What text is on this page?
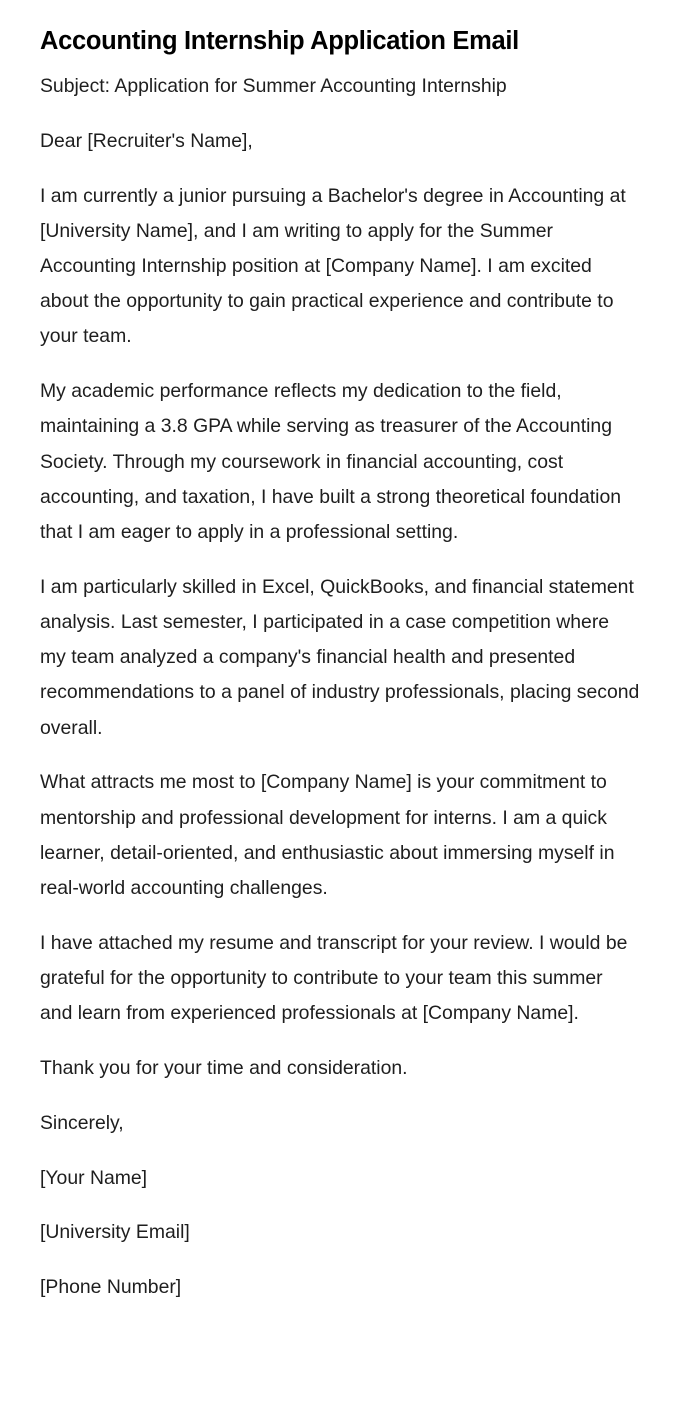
Accounting Internship Application Email

Subject: Application for Summer Accounting Internship

Dear [Recruiter's Name],

I am currently a junior pursuing a Bachelor's degree in Accounting at [University Name], and I am writing to apply for the Summer Accounting Internship position at [Company Name]. I am excited about the opportunity to gain practical experience and contribute to your team.

My academic performance reflects my dedication to the field, maintaining a 3.8 GPA while serving as treasurer of the Accounting Society. Through my coursework in financial accounting, cost accounting, and taxation, I have built a strong theoretical foundation that I am eager to apply in a professional setting.

I am particularly skilled in Excel, QuickBooks, and financial statement analysis. Last semester, I participated in a case competition where my team analyzed a company's financial health and presented recommendations to a panel of industry professionals, placing second overall.

What attracts me most to [Company Name] is your commitment to mentorship and professional development for interns. I am a quick learner, detail-oriented, and enthusiastic about immersing myself in real-world accounting challenges.

I have attached my resume and transcript for your review. I would be grateful for the opportunity to contribute to your team this summer and learn from experienced professionals at [Company Name].

Thank you for your time and consideration.

Sincerely,

[Your Name]

[University Email]

[Phone Number]
